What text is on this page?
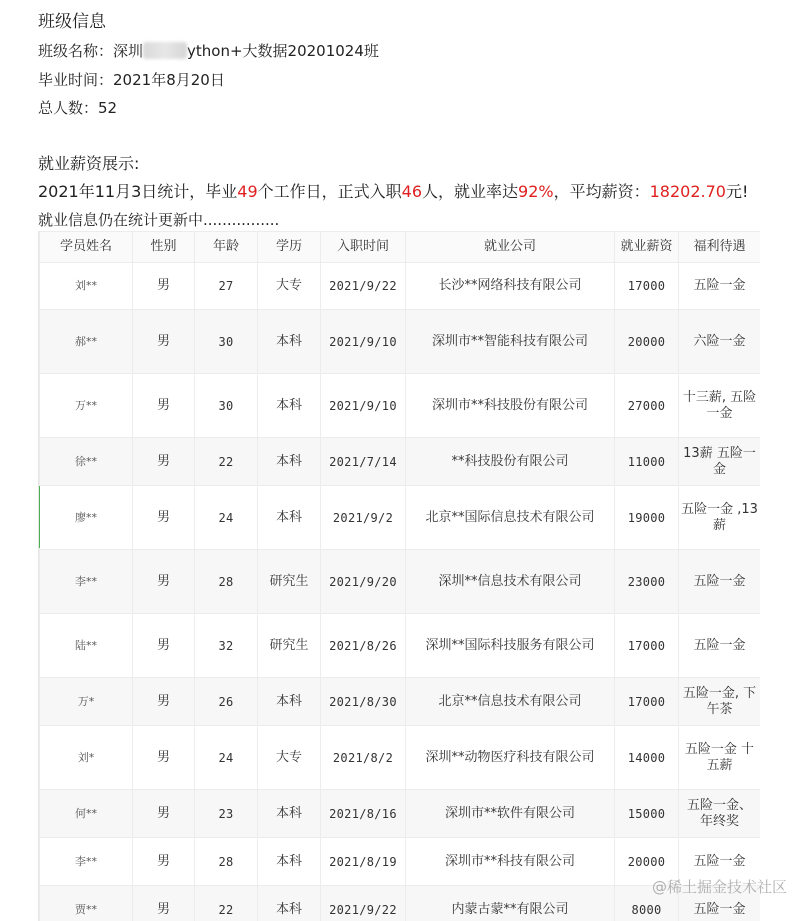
班级信息
班级名称：深圳	ython+大数据20201024班
毕业时间：2021年8月20日
总人数：52
就业薪资展示:
2021年11月3日统计，毕业49个工作日，正式入职46人，就业率达92%，平均薪资：18202.70元!
就业信息仍在统计更新中................
学员姓名	性别	年龄	学历	入职时间	就业公司	就业薪资	福利待遇
刘**	男	27	大专	2021/9/22	长沙**网络科技有限公司	17000	五险一金
郝**	男	30	本科	2021/9/10	深圳市**智能科技有限公司	20000	六险一金
万**	男	30	本科	2021/9/10	深圳市**科技股份有限公司	27000	十三薪, 五险一金
徐**	男	22	本科	2021/7/14	**科技股份有限公司	11000	13薪 五险一金
廖**	男	24	本科	2021/9/2	北京**国际信息技术有限公司	19000	五险一金 ,13薪
李**	男	28	研究生	2021/9/20	深圳**信息技术有限公司	23000	五险一金
陆**	男	32	研究生	2021/8/26	深圳**国际科技服务有限公司	17000	五险一金
万*	男	26	本科	2021/8/30	北京**信息技术有限公司	17000	五险一金, 下午茶
刘*	男	24	大专	2021/8/2	深圳**动物医疗科技有限公司	14000	五险一金 十五薪
何**	男	23	本科	2021/8/16	深圳市**软件有限公司	15000	五险一金、年终奖
李**	男	28	本科	2021/8/19	深圳市**科技有限公司	20000	五险一金
贾**	男	22	本科	2021/9/22	内蒙古蒙**有限公司	8000	五险一金
@稀土掘金技术社区
